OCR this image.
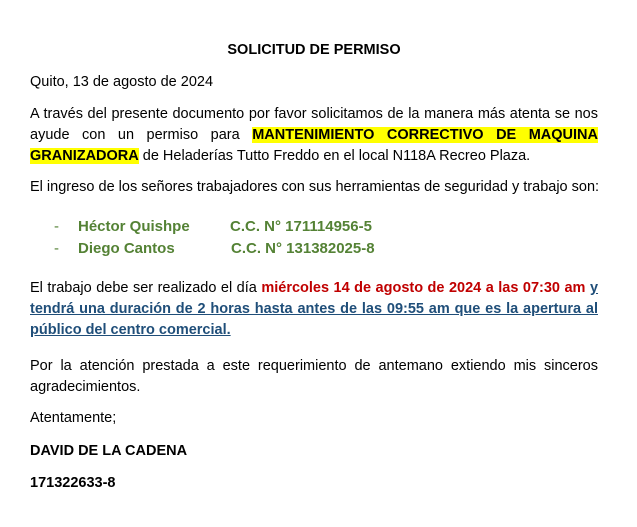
SOLICITUD DE PERMISO
Quito, 13 de agosto de 2024
A través del presente documento por favor solicitamos de la manera más atenta se nos ayude con un permiso para MANTENIMIENTO CORRECTIVO DE MAQUINA GRANIZADORA de Heladerías Tutto Freddo en el local N118A Recreo Plaza.
El ingreso de los señores trabajadores con sus herramientas de seguridad y trabajo son:
- Héctor Quishpe	C.C. N° 171114956-5
- Diego Cantos	C.C. N° 131382025-8
El trabajo debe ser realizado el día miércoles 14 de agosto de 2024 a las 07:30 am y tendrá una duración de 2 horas hasta antes de las 09:55 am que es la apertura al público del centro comercial.
Por la atención prestada a este requerimiento de antemano extiendo mis sinceros agradecimientos.
Atentamente;
DAVID DE LA CADENA
171322633-8
